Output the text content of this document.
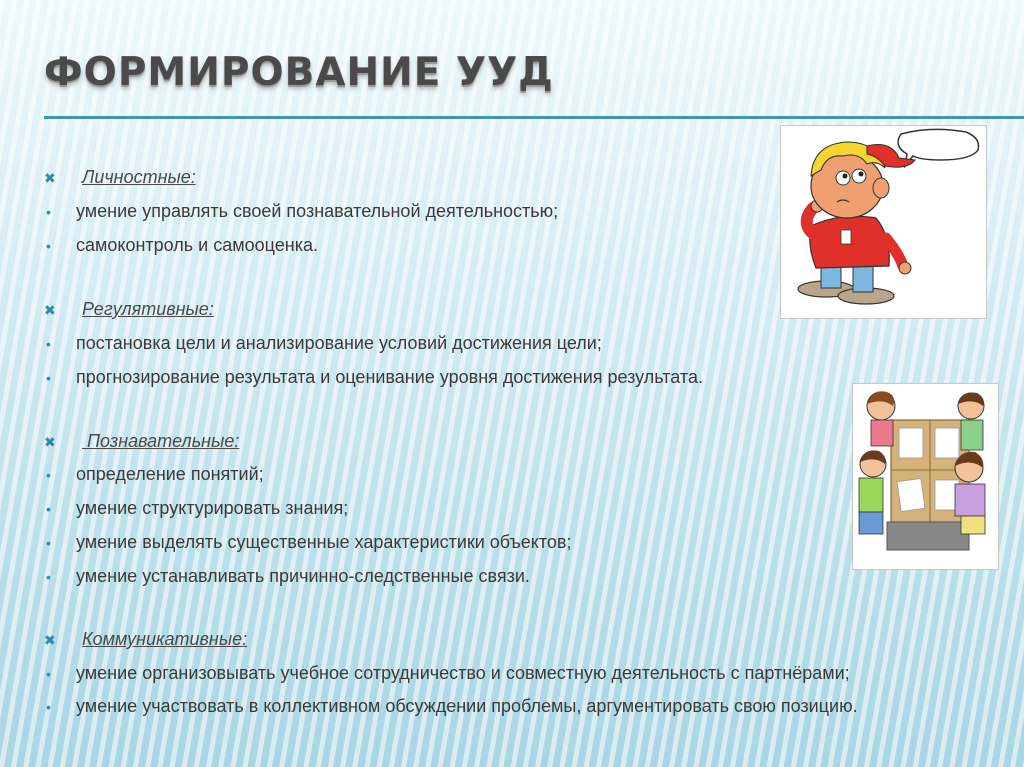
ФОРМИРОВАНИЕ УУД
✖ Личностные:
• умение управлять своей познавательной деятельностью;
• самоконтроль и самооценка.
✖ Регулятивные:
• постановка цели и анализирование условий достижения цели;
• прогнозирование результата и оценивание уровня достижения результата.
✖ Познавательные:
• определение понятий;
• умение структурировать знания;
• умение выделять существенные характеристики объектов;
• умение устанавливать причинно-следственные связи.
✖ Коммуникативные:
• умение организовывать учебное сотрудничество и совместную деятельность с партнёрами;
• умение участвовать в коллективном обсуждении проблемы, аргументировать свою позицию.
